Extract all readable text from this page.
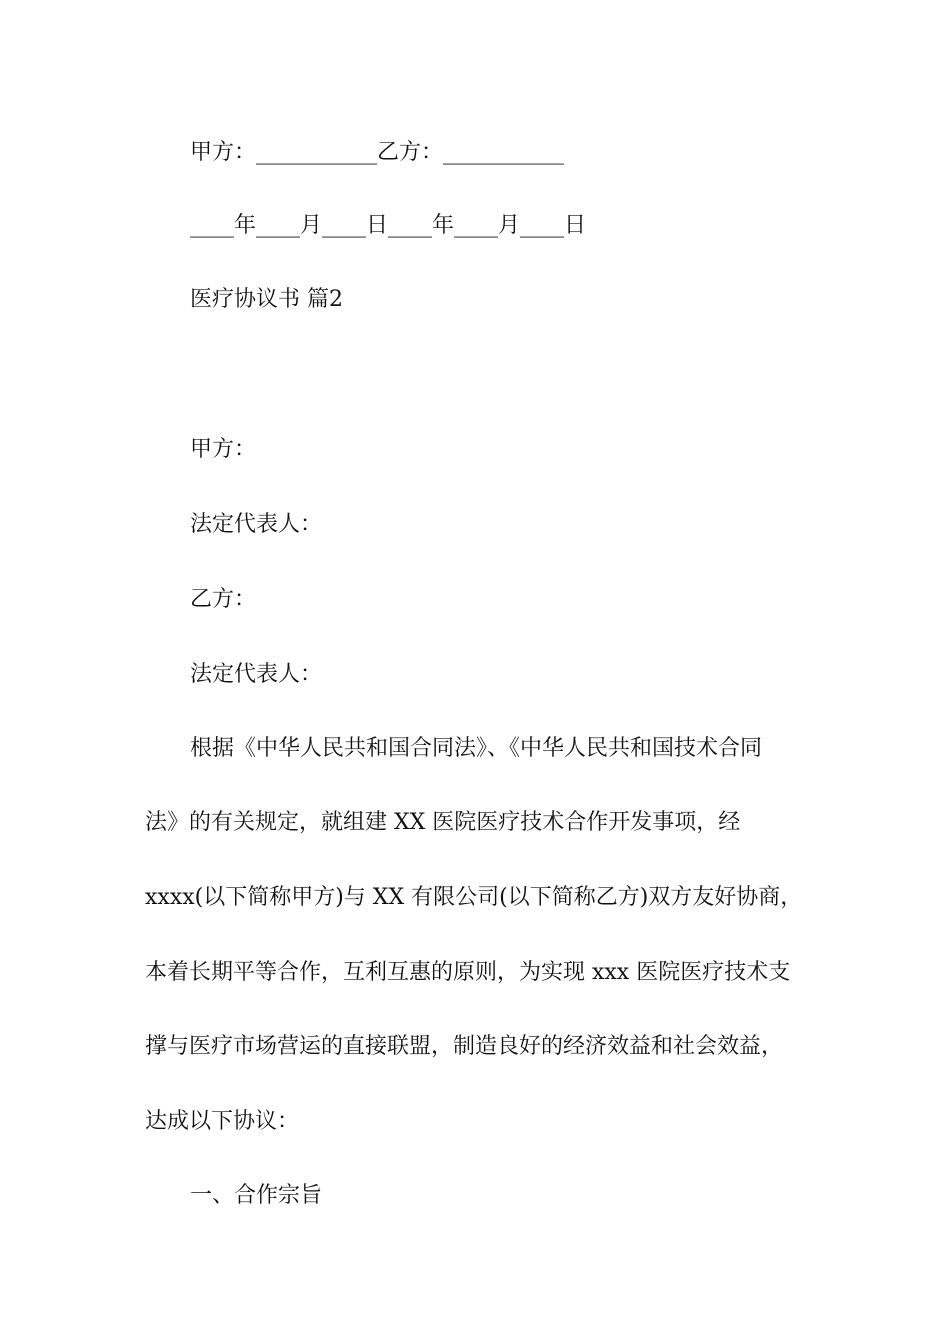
甲方：___________乙方：___________
____年____月____日____年____月____日
医疗协议书 篇2
甲方：
法定代表人：
乙方：
法定代表人：
根据《中华人民共和国合同法》、《中华人民共和国技术合同
法》的有关规定，就组建 XX 医院医疗技术合作开发事项，经
xxxx(以下简称甲方)与 XX 有限公司(以下简称乙方)双方友好协商，
本着长期平等合作，互利互惠的原则，为实现 xxx 医院医疗技术支
撑与医疗市场营运的直接联盟，制造良好的经济效益和社会效益，
达成以下协议：
一、合作宗旨
